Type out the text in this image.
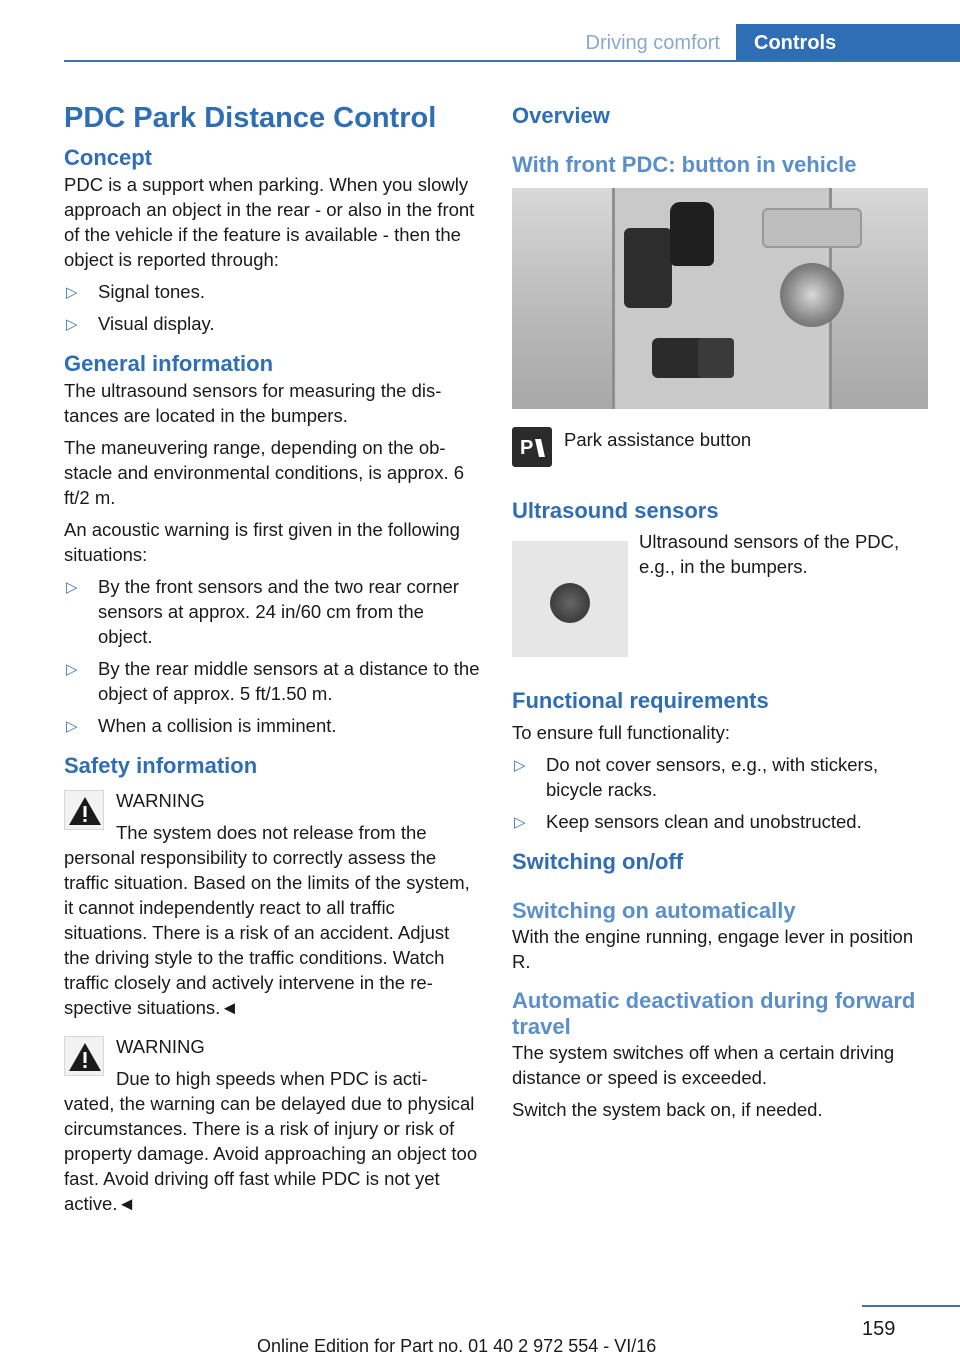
Driving comfort	Controls
PDC Park Distance Control
Concept

PDC is a support when parking. When you slowly approach an object in the rear - or also in the front of the vehicle if the feature is available - then the object is reported through:

▷ Signal tones.
▷ Visual display.
General information

The ultrasound sensors for measuring the distances are located in the bumpers.

The maneuvering range, depending on the obstacle and environmental conditions, is approx. 6 ft/2 m.

An acoustic warning is first given in the following situations:

▷ By the front sensors and the two rear corner sensors at approx. 24 in/60 cm from the object.
▷ By the rear middle sensors at a distance to the object of approx. 5 ft/1.50 m.
▷ When a collision is imminent.
Safety information
WARNING
The system does not release from the
personal responsibility to correctly assess the traffic situation. Based on the limits of the system, it cannot independently react to all traffic situations. There is a risk of an accident. Adjust the driving style to the traffic conditions. Watch traffic closely and actively intervene in the respective situations.◄
WARNING
Due to high speeds when PDC is acti-
vated, the warning can be delayed due to physical circumstances. There is a risk of injury or risk of property damage. Avoid approaching an object too fast. Avoid driving off fast while PDC is not yet active.◄
Overview
With front PDC: button in vehicle
P Park assistance button
Ultrasound sensors
Ultrasound sensors of the PDC, e.g., in the bumpers.
Functional requirements

To ensure full functionality:

▷ Do not cover sensors, e.g., with stickers, bicycle racks.
▷ Keep sensors clean and unobstructed.
Switching on/off
Switching on automatically

With the engine running, engage lever in position R.

Automatic deactivation during forward travel

The system switches off when a certain driving distance or speed is exceeded.

Switch the system back on, if needed.

159
Online Edition for Part no. 01 40 2 972 554 - VI/16
